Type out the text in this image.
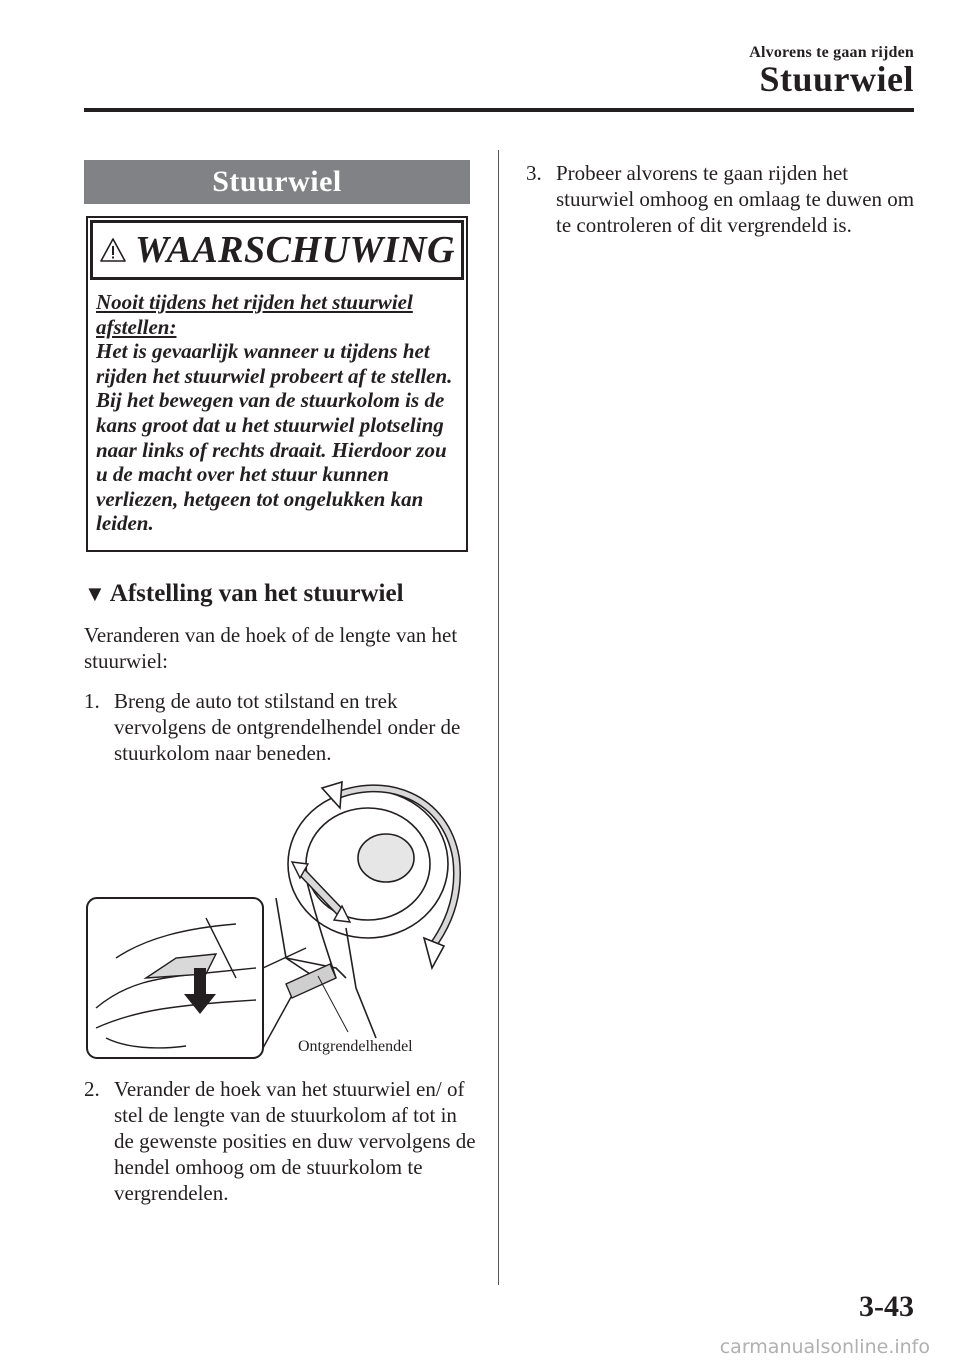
Alvorens te gaan rijden
Stuurwiel
Stuurwiel
WAARSCHUWING
Nooit tijdens het rijden het stuurwiel afstellen:
Het is gevaarlijk wanneer u tijdens het rijden het stuurwiel probeert af te stellen. Bij het bewegen van de stuurkolom is de kans groot dat u het stuurwiel plotseling naar links of rechts draait. Hierdoor zou u de macht over het stuur kunnen verliezen, hetgeen tot ongelukken kan leiden.
▼ Afstelling van het stuurwiel
Veranderen van de hoek of de lengte van het stuurwiel:
1. Breng de auto tot stilstand en trek vervolgens de ontgrendelhendel onder de stuurkolom naar beneden.
Ontgrendelhendel
2. Verander de hoek van het stuurwiel en/ of stel de lengte van de stuurkolom af tot in de gewenste posities en duw vervolgens de hendel omhoog om de stuurkolom te vergrendelen.
3. Probeer alvorens te gaan rijden het stuurwiel omhoog en omlaag te duwen om te controleren of dit vergrendeld is.
3-43
carmanualsonline.info
